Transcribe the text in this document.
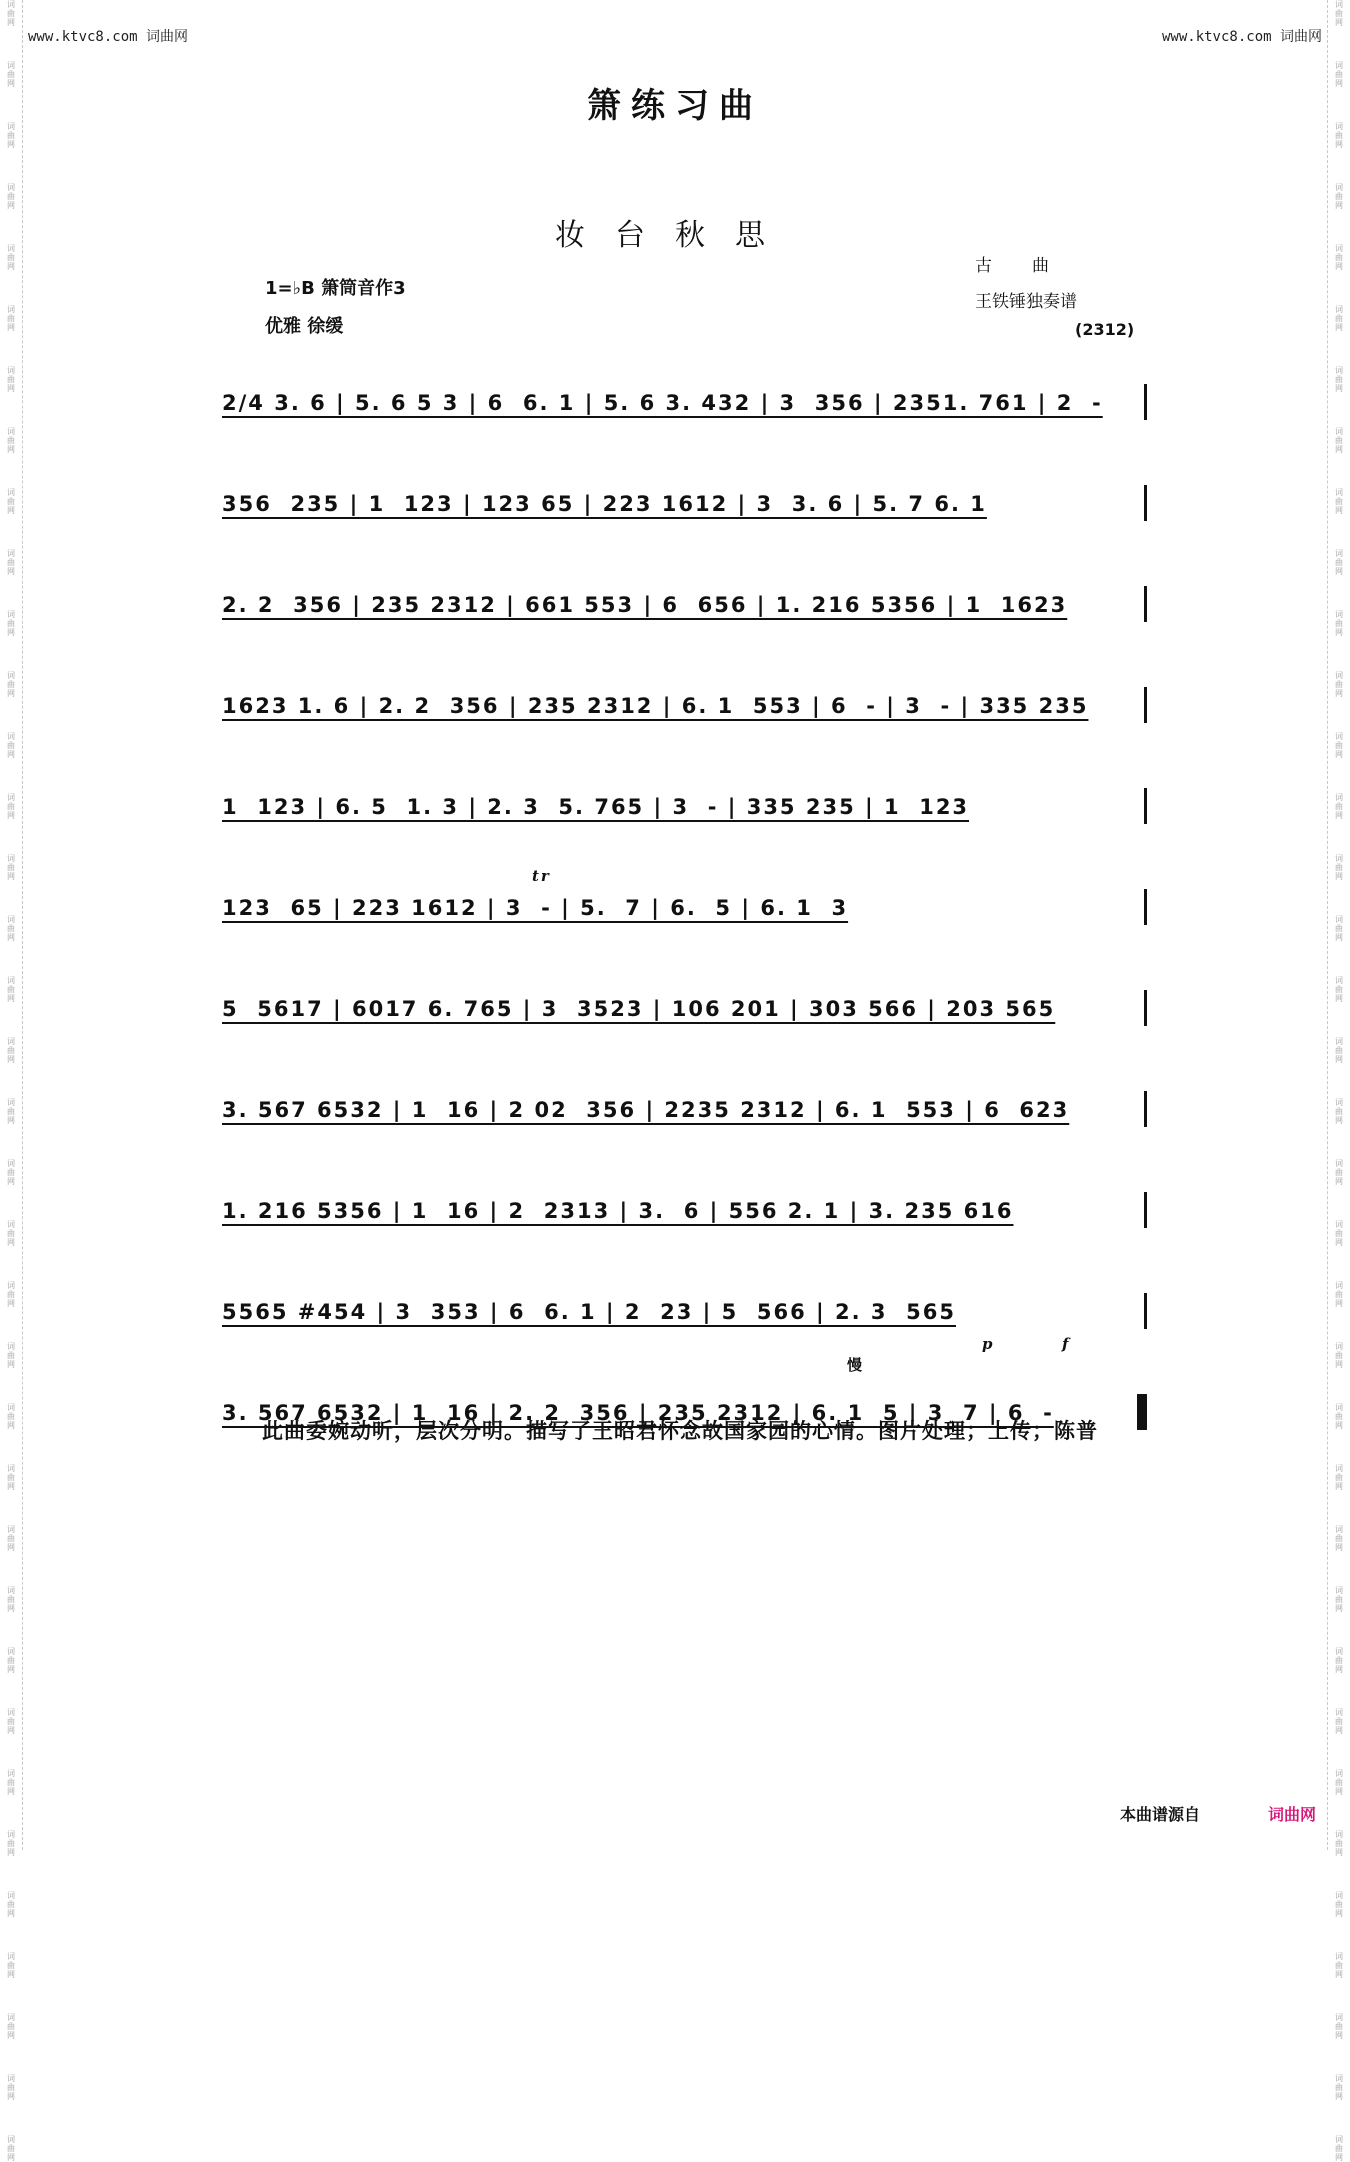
词曲网
词曲网
词曲网
词曲网
词曲网
词曲网
词曲网
词曲网
词曲网
词曲网
词曲网
词曲网
词曲网
词曲网
词曲网
词曲网
词曲网
词曲网
词曲网
词曲网
词曲网
词曲网
词曲网
词曲网
词曲网
词曲网
词曲网
词曲网
词曲网
词曲网
词曲网
词曲网
词曲网
词曲网
词曲网
词曲网
词曲网
词曲网
词曲网
词曲网
词曲网
词曲网
词曲网
词曲网
词曲网
词曲网
词曲网
词曲网
词曲网
词曲网
词曲网
词曲网
词曲网
词曲网
词曲网
词曲网
词曲网
词曲网
词曲网
词曲网
词曲网
词曲网
词曲网
词曲网
词曲网
词曲网
词曲网
词曲网
词曲网
词曲网
词曲网
词曲网
www.ktvc8.com 词曲网	www.ktvc8.com 词曲网
箫练习曲
妆台秋思
1=♭B 箫筒音作3
优雅 徐缓
古曲
王铁锤独奏谱
(2312)
2/4 3. 6 | 5. 6 5 3 | 6  6. 1 | 5. 6 3. 432 | 3  356 | 2351. 761 | 2  -
356  235 | 1  123 | 123 65 | 223 1612 | 3  3. 6 | 5. 7 6. 1
2. 2  356 | 235 2312 | 661 553 | 6  656 | 1. 216 5356 | 1  1623
1623 1. 6 | 2. 2  356 | 235 2312 | 6. 1  553 | 6  - | 3  - | 335 235
1  123 | 6. 5  1. 3 | 2. 3  5. 765 | 3  - | 335 235 | 1  123
123  65 | 223 1612 | 3  - | 5.  7 | 6.  5 | 6. 1  3
tr
5  5617 | 6017 6. 765 | 3  3523 | 106 201 | 303 566 | 203 565
3. 567 6532 | 1  16 | 2 02  356 | 2235 2312 | 6. 1  553 | 6  623
1. 216 5356 | 1  16 | 2  2313 | 3.  6 | 556 2. 1 | 3. 235 616
5565 #454 | 3  353 | 6  6. 1 | 2  23 | 5  566 | 2. 3  565
p	f
3. 567 6532 | 1  16 | 2. 2  356 | 235 2312 | 6. 1  5 | 3  7 | 6  -
慢
此曲委婉动听，层次分明。描写了王昭君怀念故国家园的心情。图片处理；上传；陈普
本曲谱源自	词曲网
